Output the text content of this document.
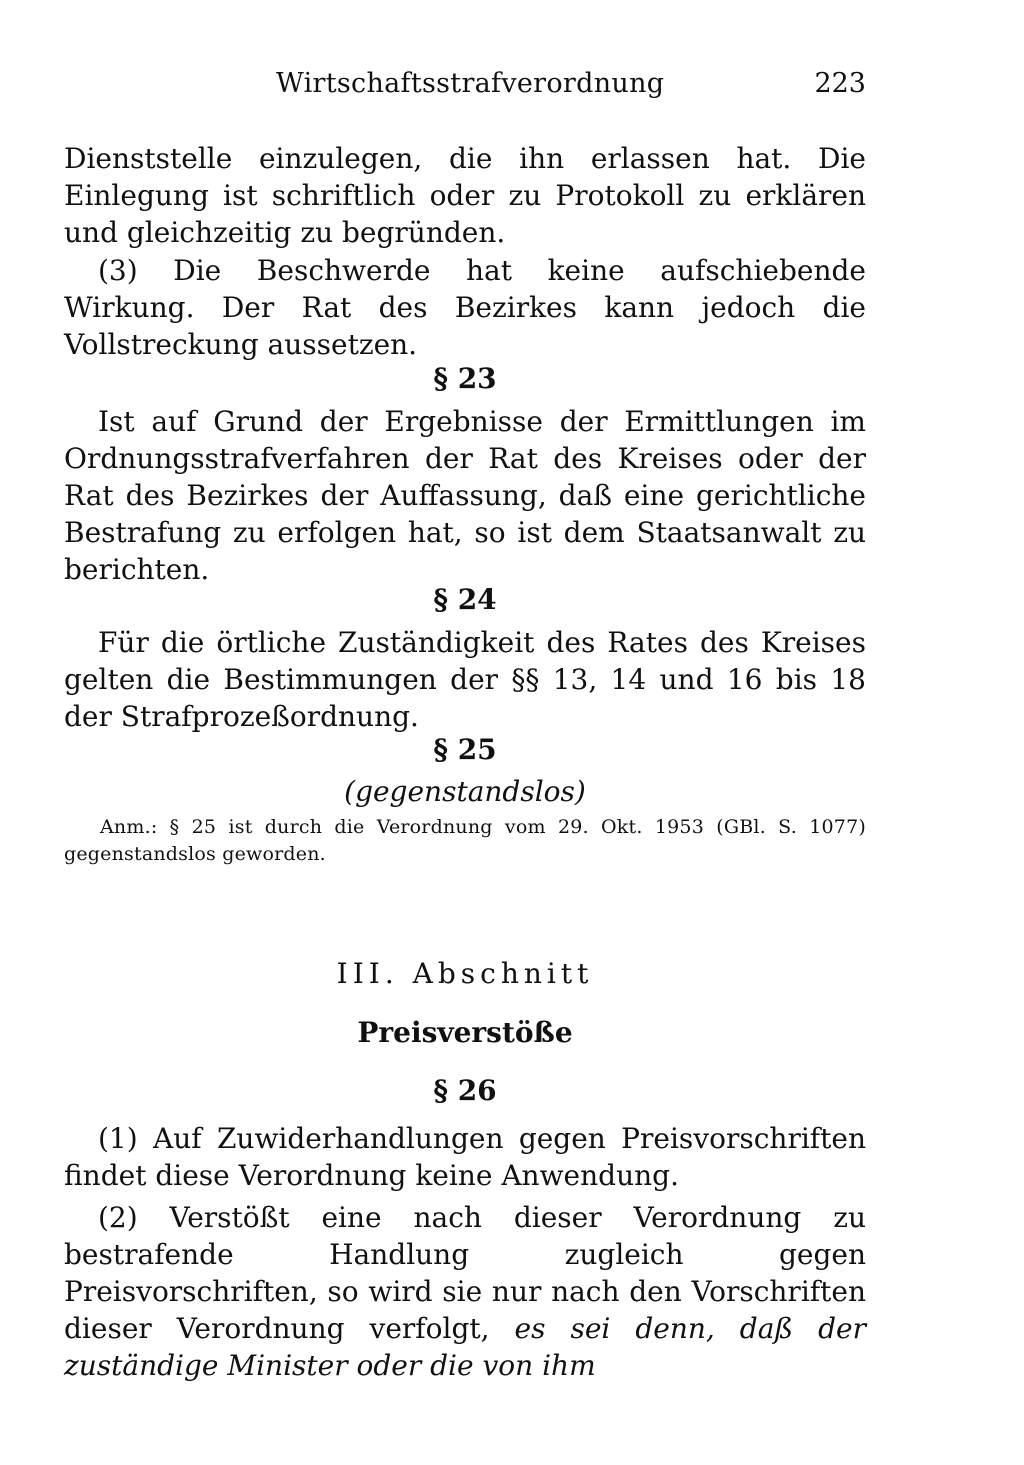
Wirtschaftsstrafverordnung	223

Dienststelle einzulegen, die ihn erlassen hat. Die Einlegung ist schriftlich oder zu Protokoll zu erklären und gleichzeitig zu begründen.

(3) Die Beschwerde hat keine aufschiebende Wirkung. Der Rat des Bezirkes kann jedoch die Vollstreckung aussetzen.

§ 23

Ist auf Grund der Ergebnisse der Ermittlungen im Ordnungsstrafverfahren der Rat des Kreises oder der Rat des Bezirkes der Auffassung, daß eine gerichtliche Bestrafung zu erfolgen hat, so ist dem Staatsanwalt zu berichten.

§ 24

Für die örtliche Zuständigkeit des Rates des Kreises gelten die Bestimmungen der §§ 13, 14 und 16 bis 18 der Strafprozeßordnung.

§ 25
(gegenstandslos)

Anm.: § 25 ist durch die Verordnung vom 29. Okt. 1953 (GBl. S. 1077) gegenstandslos geworden.

III. Abschnitt
Preisverstöße
§ 26

(1) Auf Zuwiderhandlungen gegen Preisvorschriften findet diese Verordnung keine Anwendung.

(2) Verstößt eine nach dieser Verordnung zu bestrafende Handlung zugleich gegen Preisvorschriften, so wird sie nur nach den Vorschriften dieser Verordnung verfolgt, es sei denn, daß der zuständige Minister oder die von ihm
